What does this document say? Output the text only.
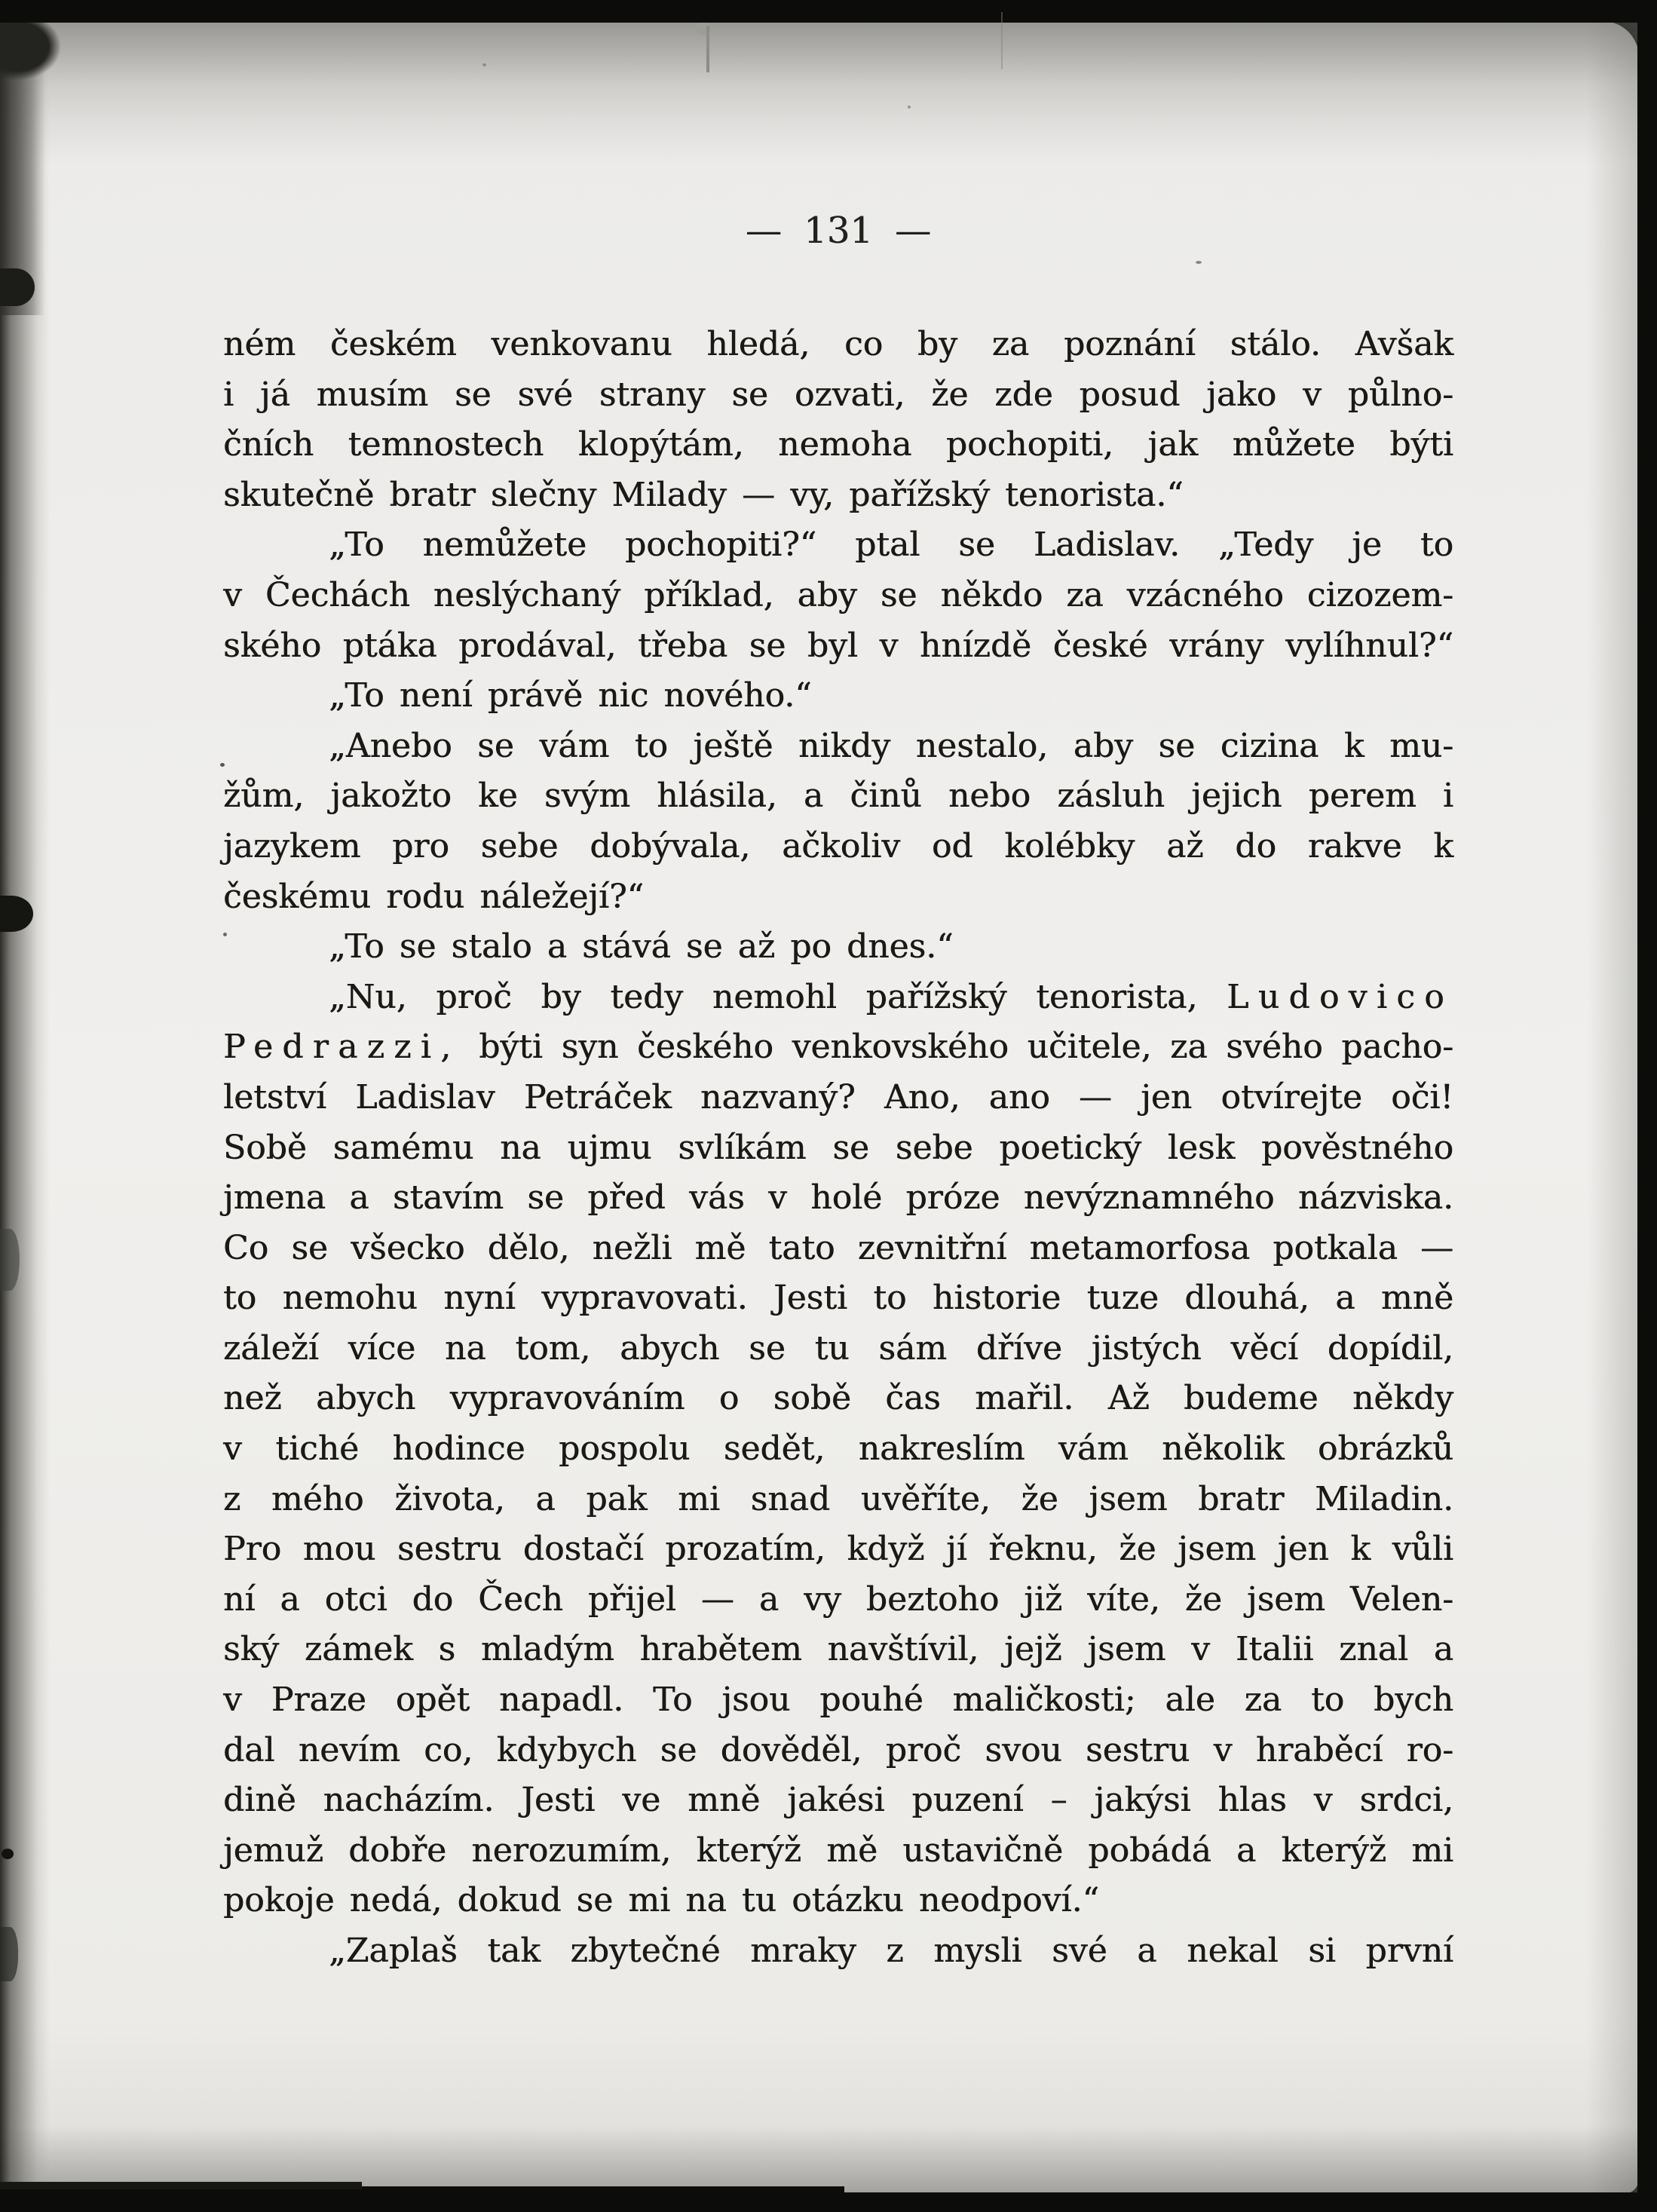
— 131 —
ném českém venkovanu hledá, co by za poznání stálo. Avšak
i já musím se své strany se ozvati, že zde posud jako v půlno-
čních temnostech klopýtám, nemoha pochopiti, jak můžete býti
skutečně bratr slečny Milady — vy, pařížský tenorista.“
„To nemůžete pochopiti?“ ptal se Ladislav. „Tedy je to
v Čechách neslýchaný příklad, aby se někdo za vzácného cizozem-
ského ptáka prodával, třeba se byl v hnízdě české vrány vylíhnul?“
„To není právě nic nového.“
„Anebo se vám to ještě nikdy nestalo, aby se cizina k mu-
žům, jakožto ke svým hlásila, a činů nebo zásluh jejich perem i
jazykem pro sebe dobývala, ačkoliv od kolébky až do rakve k
českému rodu náležejí?“
„To se stalo a stává se až po dnes.“
„Nu, proč by tedy nemohl pařížský tenorista, Ludovico
Pedrazzi, býti syn českého venkovského učitele, za svého pacho-
letství Ladislav Petráček nazvaný? Ano, ano — jen otvírejte oči!
Sobě samému na ujmu svlíkám se sebe poetický lesk pověstného
jmena a stavím se před vás v holé próze nevýznamného názviska.
Co se všecko dělo, nežli mě tato zevnitřní metamorfosa potkala —
to nemohu nyní vypravovati. Jesti to historie tuze dlouhá, a mně
záleží více na tom, abych se tu sám dříve jistých věcí dopídil,
než abych vypravováním o sobě čas mařil. Až budeme někdy
v tiché hodince pospolu sedět, nakreslím vám několik obrázků
z mého života, a pak mi snad uvěříte, že jsem bratr Miladin.
Pro mou sestru dostačí prozatím, když jí řeknu, že jsem jen k vůli
ní a otci do Čech přijel — a vy beztoho již víte, že jsem Velen-
ský zámek s mladým hrabětem navštívil, jejž jsem v Italii znal a
v Praze opět napadl. To jsou pouhé maličkosti; ale za to bych
dal nevím co, kdybych se dověděl, proč svou sestru v hraběcí ro-
dině nacházím. Jesti ve mně jakési puzení – jakýsi hlas v srdci,
jemuž dobře nerozumím, kterýž mě ustavičně pobádá a kterýž mi
pokoje nedá, dokud se mi na tu otázku neodpoví.“
„Zaplaš tak zbytečné mraky z mysli své a nekal si první
